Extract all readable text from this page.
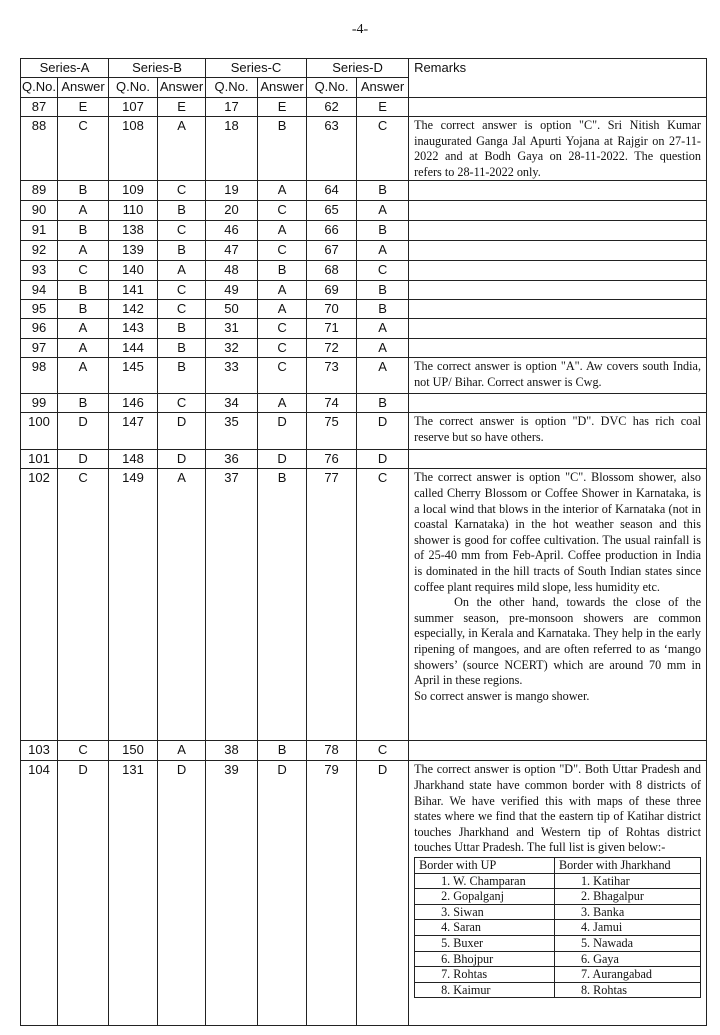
-4-
Series-A	Series-B	Series-C	Series-D	Remarks
Q.No.	Answer	Q.No.	Answer	Q.No.	Answer	Q.No.	Answer
87	E	107	E	17	E	62	E	
88	C	108	A	18	B	63	C	The correct answer is option "C". Sri Nitish Kumar inaugurated Ganga Jal Apurti Yojana at Rajgir on 27-11-2022 and at Bodh Gaya on 28-11-2022. The question refers to 28-11-2022 only.

89	B	109	C	19	A	64	B	
90	A	110	B	20	C	65	A	
91	B	138	C	46	A	66	B	
92	A	139	B	47	C	67	A	
93	C	140	A	48	B	68	C	
94	B	141	C	49	A	69	B	
95	B	142	C	50	A	70	B	
96	A	143	B	31	C	71	A	
97	A	144	B	32	C	72	A	
98	A	145	B	33	C	73	A	The correct answer is option "A". Aw covers south India, not UP/ Bihar. Correct answer is Cwg.

99	B	146	C	34	A	74	B	
100	D	147	D	35	D	75	D	The correct answer is option "D". DVC has rich coal reserve but so have others.

101	D	148	D	36	D	76	D	
102	C	149	A	37	B	77	C	The correct answer is option "C". Blossom shower, also called Cherry Blossom or Coffee Shower in Karnataka, is a local wind that blows in the interior of Karnataka (not in coastal Karnataka) in the hot weather season and this shower is good for coffee cultivation. The usual rainfall is of 25-40 mm from Feb-April. Coffee production in India is dominated in the hill tracts of South Indian states since coffee plant requires mild slope, less humidity etc.
On the other hand, towards the close of the summer season, pre-monsoon showers are common especially, in Kerala and Karnataka. They help in the early ripening of mangoes, and are often referred to as ‘mango showers’ (source NCERT) which are around 70 mm in April in these regions.
So correct answer is mango shower.

103	C	150	A	38	B	78	C	
104	D	131	D	39	D	79	D	The correct answer is option "D". Both Uttar Pradesh and Jharkhand state have common border with 8 districts of Bihar. We have verified this with maps of these three states where we find that the eastern tip of Katihar district touches Jharkhand and Western tip of Rohtas district touches Uttar Pradesh. The full list is given below:-
Border with UP	Border with Jharkhand
1. W. Champaran	1. Katihar
2. Gopalganj	2. Bhagalpur
3. Siwan	3. Banka
4. Saran	4. Jamui
5. Buxer	5. Nawada
6. Bhojpur	6. Gaya
7. Rohtas	7. Aurangabad
8. Kaimur	8. Rohtas
